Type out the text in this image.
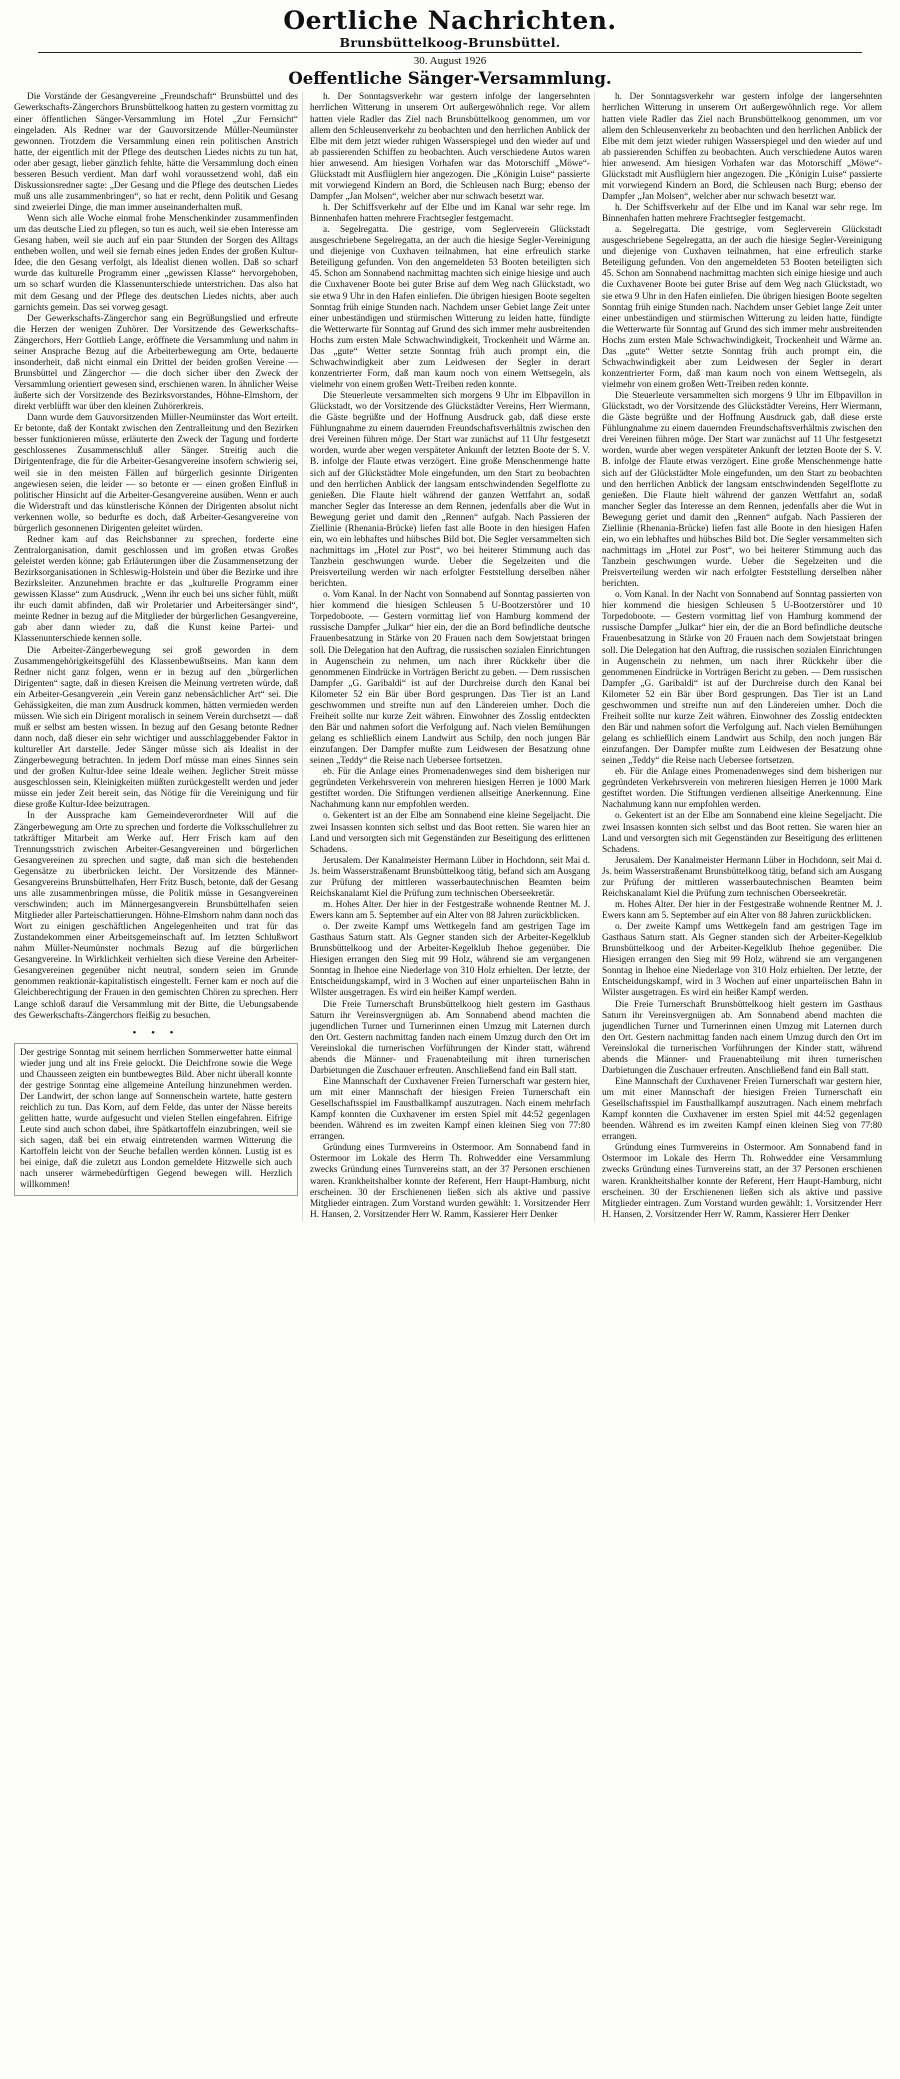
Oertliche Nachrichten.
Brunsbüttelkoog-Brunsbüttel.
30. August 1926
Oeffentliche Sänger-Versammlung.

Die Vorstände der Gesangvereine „Freundschaft“ Brunsbüttel und des Gewerkschafts-Zängerchors Brunsbüttelkoog hatten zu gestern vormittag zu einer öffentlichen Sänger-Versammlung im Hotel „Zur Fernsicht“ eingeladen. Als Redner war der Gauvorsitzende Müller-Neumünster gewonnen. Trotzdem die Versammlung einen rein politischen Anstrich hatte, der eigentlich mit der Pflege des deutschen Liedes nichts zu tun hat, oder aber gesagt, lieber gänzlich fehlte, hätte die Versammlung doch einen besseren Besuch verdient. Man darf wohl voraussetzend wohl, daß ein Diskussionsredner sagte: „Der Gesang und die Pflege des deutschen Liedes muß uns alle zusammenbringen“, so hat er recht, denn Politik und Gesang sind zweierlei Dinge, die man immer auseinanderhalten muß.

Wenn sich alle Woche einmal frohe Menschenkinder zusammenfinden um das deutsche Lied zu pflegen, so tun es auch, weil sie eben Interesse am Gesang haben, weil sie auch auf ein paar Stunden der Sorgen des Alltags entheben wollen, und weil sie fernab eines jeden Endes der großen Kultur-Idee, die den Gesang verfolgt, als Idealist dienen wollen. Daß so scharf wurde das kulturelle Programm einer „gewissen Klasse“ hervorgehoben, um so scharf wurden die Klassenunterschiede unterstrichen. Das also hat mit dem Gesang und der Pflege des deutschen Liedes nichts, aber auch garnichts gemein. Das sei vorweg gesagt.

Der Gewerkschafts-Zängerchor sang ein Begrüßungslied und erfreute die Herzen der wenigen Zuhörer. Der Vorsitzende des Gewerkschafts-Zängerchors, Herr Gottlieb Lange, eröffnete die Versammlung und nahm in seiner Ansprache Bezug auf die Arbeiterbewegung am Orte, bedauerte insonderheit, daß nicht einmal ein Drittel der beiden großen Vereine — Brunsbüttel und Zängerchor — die doch sicher über den Zweck der Versammlung orientiert gewesen sind, erschienen waren. In ähnlicher Weise äußerte sich der Vorsitzende des Bezirksvorstandes, Höhne-Elmshorn, der direkt verblüfft war über den kleinen Zuhörerkreis.

Dann wurde dem Gauvorsitzenden Müller-Neumünster das Wort erteilt. Er betonte, daß der Kontakt zwischen den Zentralleitung und den Bezirken besser funktionieren müsse, erläuterte den Zweck der Tagung und forderte geschlossenes Zusammenschluß aller Sänger. Streitig auch die Dirigentenfrage, die für die Arbeiter-Gesangvereine insofern schwierig sei, weil sie in den meisten Fällen auf bürgerlich gesinnte Dirigenten angewiesen seien, die leider — so betonte er — einen großen Einfluß in politischer Hinsicht auf die Arbeiter-Gesangvereine ausüben. Wenn er auch die Widerstraft und das künstlerische Können der Dirigenten absolut nicht verkennen wolle, so bedurfte es doch, daß Arbeiter-Gesangvereine von bürgerlich gesonnenen Dirigenten geleitet würden.

Redner kam auf das Reichsbanner zu sprechen, forderte eine Zentralorganisation, damit geschlossen und im großen etwas Großes geleistet werden könne; gab Erläuterungen über die Zusammensetzung der Bezirksorganisationen in Schleswig-Holstein und über die Bezirke und ihre Bezirksleiter. Anzunehmen brachte er das „kulturelle Programm einer gewissen Klasse“ zum Ausdruck. „Wenn ihr euch bei uns sicher fühlt, müßt ihr euch damit abfinden, daß wir Proletarier und Arbeitersänger sind“, meinte Redner in bezug auf die Mitglieder der bürgerlichen Gesangvereine, gab aber dann wieder zu, daß die Kunst keine Partei- und Klassenunterschiede kennen solle.

Die Arbeiter-Zängerbewegung sei groß geworden in dem Zusammengehörigkeitsgefühl des Klassenbewußtseins. Man kann dem Redner nicht ganz folgen, wenn er in bezug auf den „bürgerlichen Dirigenten“ sagte, daß in diesen Kreisen die Meinung vertreten würde, daß ein Arbeiter-Gesangverein „ein Verein ganz nebensächlicher Art“ sei. Die Gehässigkeiten, die man zum Ausdruck kommen, hätten vermieden werden müssen. Wie sich ein Dirigent moralisch in seinem Verein durchsetzt — daß muß er selbst am besten wissen. In bezug auf den Gesang betonte Redner dann noch, daß dieser ein sehr wichtiger und ausschlaggebender Faktor in kultureller Art darstelle. Jeder Sänger müsse sich als Idealist in der Zängerbewegung betrachten. In jedem Dorf müsse man eines Sinnes sein und der großen Kultur-Idee seine Ideale weihen. Jeglicher Streit müsse ausgeschlossen sein, Kleinigkeiten müßten zurückgestellt werden und jeder müsse ein jeder Zeit bereit sein, das Nötige für die Vereinigung und für diese große Kultur-Idee beizutragen.

In der Aussprache kam Gemeindeverordneter Will auf die Zängerbewegung am Orte zu sprechen und forderte die Volksschullehrer zu tatkräftiger Mitarbeit am Werke auf. Herr Frisch kam auf den Trennungsstrich zwischen Arbeiter-Gesangvereinen und bürgerlichen Gesangvereinen zu sprechen und sagte, daß man sich die bestehenden Gegensätze zu überbrücken leicht. Der Vorsitzende des Männer-Gesangvereins Brunsbüttelhafen, Herr Fritz Busch, betonte, daß der Gesang uns alle zusammenbringen müsse, die Politik müsse in Gesangvereinen verschwinden; auch im Männergesangverein Brunsbüttelhafen seien Mitglieder aller Parteischattierungen. Höhne-Elmshorn nahm dann noch das Wort zu einigen geschäftlichen Angelegenheiten und trat für das Zustandekommen einer Arbeitsgemeinschaft auf. Im letzten Schlußwort nahm Müller-Neumünster nochmals Bezug auf die bürgerlichen Gesangvereine. In Wirklichkeit verhielten sich diese Vereine den Arbeiter-Gesangvereinen gegenüber nicht neutral, sondern seien im Grunde genommen reaktionär-kapitalistisch eingestellt. Ferner kam er noch auf die Gleichberechtigung der Frauen in den gemischten Chören zu sprechen. Herr Lange schloß darauf die Versammlung mit der Bitte, die Uebungsabende des Gewerkschafts-Zängerchors fleißig zu besuchen.

• • •

Der gestrige Sonntag mit seinem herrlichen Sommerwetter hatte einmal wieder jung und alt ins Freie gelockt. Die Deichfrone sowie die Wege und Chausseen zeigten ein buntbewegtes Bild. Aber nicht überall konnte der gestrige Sonntag eine allgemeine Anteilung hinzunehmen werden. Der Landwirt, der schon lange auf Sonnenschein wartete, hatte gestern reichlich zu tun. Das Korn, auf dem Felde, das unter der Nässe bereits gelitten hatte, wurde aufgesucht und vielen Stellen eingefahren. Eifrige Leute sind auch schon dabei, ihre Spätkartoffeln einzubringen, weil sie sich sagen, daß bei ein etwaig eintretenden warmen Witterung die Kartoffeln leicht von der Seuche befallen werden können. Lustig ist es bei einige, daß die zuletzt aus London gemeldete Hitzwelle sich auch nach unserer wärmebedürftigen Gegend bewegen will. Herzlich willkommen!

h. Der Sonntagsverkehr war gestern infolge der langersehnten herrlichen Witterung in unserem Ort außergewöhnlich rege. Vor allem hatten viele Radler das Ziel nach Brunsbüttelkoog genommen, um vor allem den Schleusenverkehr zu beobachten und den herrlichen Anblick der Elbe mit dem jetzt wieder ruhigen Wasserspiegel und den wieder auf und ab passierenden Schiffen zu beobachten. Auch verschiedene Autos waren hier anwesend. Am hiesigen Vorhafen war das Motorschiff „Möwe“-Glückstadt mit Ausflüglern hier angezogen. Die „Königin Luise“ passierte mit vorwiegend Kindern an Bord, die Schleusen nach Burg; ebenso der Dampfer „Jan Molsen“, welcher aber nur schwach besetzt war.

h. Der Schiffsverkehr auf der Elbe und im Kanal war sehr rege. Im Binnenhafen hatten mehrere Frachtsegler festgemacht.

a. Segelregatta. Die gestrige, vom Seglerverein Glückstadt ausgeschriebene Segelregatta, an der auch die hiesige Segler-Vereinigung und diejenige von Cuxhaven teilnahmen, hat eine erfreulich starke Beteiligung gefunden. Von den angemeldeten 53 Booten beteiligten sich 45. Schon am Sonnabend nachmittag machten sich einige hiesige und auch die Cuxhavener Boote bei guter Brise auf dem Weg nach Glückstadt, wo sie etwa 9 Uhr in den Hafen einliefen. Die übrigen hiesigen Boote segelten Sonntag früh einige Stunden nach. Nachdem unser Gebiet lange Zeit unter einer unbeständigen und stürmischen Witterung zu leiden hatte, fündigte die Wetterwarte für Sonntag auf Grund des sich immer mehr ausbreitenden Hochs zum ersten Male Schwachwindigkeit, Trockenheit und Wärme an. Das „gute“ Wetter setzte Sonntag früh auch prompt ein, die Schwachwindigkeit aber zum Leidwesen der Segler in derart konzentrierter Form, daß man kaum noch von einem Wettsegeln, als vielmehr von einem großen Wett-Treiben reden konnte.

Die Steuerleute versammelten sich morgens 9 Uhr im Elbpavillon in Glückstadt, wo der Vorsitzende des Glückstädter Vereins, Herr Wiermann, die Gäste begrüßte und der Hoffnung Ausdruck gab, daß diese erste Fühlungnahme zu einem dauernden Freundschaftsverhältnis zwischen den drei Vereinen führen möge. Der Start war zunächst auf 11 Uhr festgesetzt worden, wurde aber wegen verspäteter Ankunft der letzten Boote der S. V. B. infolge der Flaute etwas verzögert. Eine große Menschenmenge hatte sich auf der Glückstädter Mole eingefunden, um den Start zu beobachten und den herrlichen Anblick der langsam entschwindenden Segelflotte zu genießen. Die Flaute hielt während der ganzen Wettfahrt an, sodaß mancher Segler das Interesse an dem Rennen, jedenfalls aber die Wut in Bewegung geriet und damit den „Rennen“ aufgab. Nach Passieren der Ziellinie (Rhenania-Brücke) liefen fast alle Boote in den hiesigen Hafen ein, wo ein lebhaftes und hübsches Bild bot. Die Segler versammelten sich nachmittags im „Hotel zur Post“, wo bei heiterer Stimmung auch das Tanzbein geschwungen wurde. Ueber die Segelzeiten und die Preisverteilung werden wir nach erfolgter Feststellung derselben näher berichten.

o. Vom Kanal. In der Nacht von Sonnabend auf Sonntag passierten von hier kommend die hiesigen Schleusen 5 U-Bootzerstörer und 10 Torpedoboote. — Gestern vormittag lief von Hamburg kommend der russische Dampfer „Julkar“ hier ein, der die an Bord befindliche deutsche Frauenbesatzung in Stärke von 20 Frauen nach dem Sowjetstaat bringen soll. Die Delegation hat den Auftrag, die russischen sozialen Einrichtungen in Augenschein zu nehmen, um nach ihrer Rückkehr über die genommenen Eindrücke in Vorträgen Bericht zu geben. — Dem russischen Dampfer „G. Garibaldi“ ist auf der Durchreise durch den Kanal bei Kilometer 52 ein Bär über Bord gesprungen. Das Tier ist an Land geschwommen und streifte nun auf den Ländereien umher. Doch die Freiheit sollte nur kurze Zeit währen. Einwohner des Zosslig entdeckten den Bär und nahmen sofort die Verfolgung auf. Nach vielen Bemühungen gelang es schließlich einem Landwirt aus Schilp, den noch jungen Bär einzufangen. Der Dampfer mußte zum Leidwesen der Besatzung ohne seinen „Teddy“ die Reise nach Uebersee fortsetzen.

eb. Für die Anlage eines Promenadenweges sind dem bisherigen nur gegründeten Verkehrsverein von mehreren hiesigen Herren je 1000 Mark gestiftet worden. Die Stiftungen verdienen allseitige Anerkennung. Eine Nachahmung kann nur empfohlen werden.

o. Gekentert ist an der Elbe am Sonnabend eine kleine Segeljacht. Die zwei Insassen konnten sich selbst und das Boot retten. Sie waren hier an Land und versorgten sich mit Gegenständen zur Beseitigung des erlittenen Schadens.

Jerusalem. Der Kanalmeister Hermann Lüber in Hochdonn, seit Mai d. Js. beim Wasserstraßenamt Brunsbüttelkoog tätig, befand sich am Ausgang zur Prüfung der mittleren wasserbautechnischen Beamten beim Reichskanalamt Kiel die Prüfung zum technischen Oberseekretär.

m. Hohes Alter. Der hier in der Festgestraße wohnende Rentner M. J. Ewers kann am 5. September auf ein Alter von 88 Jahren zurückblicken.

o. Der zweite Kampf ums Wettkegeln fand am gestrigen Tage im Gasthaus Saturn statt. Als Gegner standen sich der Arbeiter-Kegelklub Brunsbüttelkoog und der Arbeiter-Kegelklub Ihehoe gegenüber. Die Hiesigen errangen den Sieg mit 99 Holz, während sie am vergangenen Sonntag in Ihehoe eine Niederlage von 310 Holz erhielten. Der letzte, der Entscheidungskampf, wird in 3 Wochen auf einer unparteiischen Bahn in Wilster ausgetragen. Es wird ein heißer Kampf werden.

Die Freie Turnerschaft Brunsbüttelkoog hielt gestern im Gasthaus Saturn ihr Vereinsvergnügen ab. Am Sonnabend abend machten die jugendlichen Turner und Turnerinnen einen Umzug mit Laternen durch den Ort. Gestern nachmittag fanden nach einem Umzug durch den Ort im Vereinslokal die turnerischen Vorführungen der Kinder statt, während abends die Männer- und Frauenabteilung mit ihren turnerischen Darbietungen die Zuschauer erfreuten. Anschließend fand ein Ball statt.

Eine Mannschaft der Cuxhavener Freien Turnerschaft war gestern hier, um mit einer Mannschaft der hiesigen Freien Turnerschaft ein Gesellschaftsspiel im Faustballkampf auszutragen. Nach einem mehrfach Kampf konnten die Cuxhavener im ersten Spiel mit 44:52 gegenlagen beenden. Während es im zweiten Kampf einen kleinen Sieg von 77:80 errangen.

Gründung eines Turmvereins in Ostermoor. Am Sonnabend fand in Ostermoor im Lokale des Herrn Th. Rohwedder eine Versammlung zwecks Gründung eines Turnvereins statt, an der 37 Personen erschienen waren. Krankheitshalber konnte der Referent, Herr Haupt-Hamburg, nicht erscheinen. 30 der Erschienenen ließen sich als aktive und passive Mitglieder eintragen. Zum Vorstand wurden gewählt: 1. Vorsitzender Herr H. Hansen, 2. Vorsitzender Herr W. Ramm, Kassierer Herr Denker

h. Der Sonntagsverkehr war gestern infolge der langersehnten herrlichen Witterung in unserem Ort außergewöhnlich rege. Vor allem hatten viele Radler das Ziel nach Brunsbüttelkoog genommen, um vor allem den Schleusenverkehr zu beobachten und den herrlichen Anblick der Elbe mit dem jetzt wieder ruhigen Wasserspiegel und den wieder auf und ab passierenden Schiffen zu beobachten. Auch verschiedene Autos waren hier anwesend. Am hiesigen Vorhafen war das Motorschiff „Möwe“-Glückstadt mit Ausflüglern hier angezogen. Die „Königin Luise“ passierte mit vorwiegend Kindern an Bord, die Schleusen nach Burg; ebenso der Dampfer „Jan Molsen“, welcher aber nur schwach besetzt war.

h. Der Schiffsverkehr auf der Elbe und im Kanal war sehr rege. Im Binnenhafen hatten mehrere Frachtsegler festgemacht.

a. Segelregatta. Die gestrige, vom Seglerverein Glückstadt ausgeschriebene Segelregatta, an der auch die hiesige Segler-Vereinigung und diejenige von Cuxhaven teilnahmen, hat eine erfreulich starke Beteiligung gefunden. Von den angemeldeten 53 Booten beteiligten sich 45. Schon am Sonnabend nachmittag machten sich einige hiesige und auch die Cuxhavener Boote bei guter Brise auf dem Weg nach Glückstadt, wo sie etwa 9 Uhr in den Hafen einliefen. Die übrigen hiesigen Boote segelten Sonntag früh einige Stunden nach. Nachdem unser Gebiet lange Zeit unter einer unbeständigen und stürmischen Witterung zu leiden hatte, fündigte die Wetterwarte für Sonntag auf Grund des sich immer mehr ausbreitenden Hochs zum ersten Male Schwachwindigkeit, Trockenheit und Wärme an. Das „gute“ Wetter setzte Sonntag früh auch prompt ein, die Schwachwindigkeit aber zum Leidwesen der Segler in derart konzentrierter Form, daß man kaum noch von einem Wettsegeln, als vielmehr von einem großen Wett-Treiben reden konnte.

Die Steuerleute versammelten sich morgens 9 Uhr im Elbpavillon in Glückstadt, wo der Vorsitzende des Glückstädter Vereins, Herr Wiermann, die Gäste begrüßte und der Hoffnung Ausdruck gab, daß diese erste Fühlungnahme zu einem dauernden Freundschaftsverhältnis zwischen den drei Vereinen führen möge. Der Start war zunächst auf 11 Uhr festgesetzt worden, wurde aber wegen verspäteter Ankunft der letzten Boote der S. V. B. infolge der Flaute etwas verzögert. Eine große Menschenmenge hatte sich auf der Glückstädter Mole eingefunden, um den Start zu beobachten und den herrlichen Anblick der langsam entschwindenden Segelflotte zu genießen. Die Flaute hielt während der ganzen Wettfahrt an, sodaß mancher Segler das Interesse an dem Rennen, jedenfalls aber die Wut in Bewegung geriet und damit den „Rennen“ aufgab. Nach Passieren der Ziellinie (Rhenania-Brücke) liefen fast alle Boote in den hiesigen Hafen ein, wo ein lebhaftes und hübsches Bild bot. Die Segler versammelten sich nachmittags im „Hotel zur Post“, wo bei heiterer Stimmung auch das Tanzbein geschwungen wurde. Ueber die Segelzeiten und die Preisverteilung werden wir nach erfolgter Feststellung derselben näher berichten.

o. Vom Kanal. In der Nacht von Sonnabend auf Sonntag passierten von hier kommend die hiesigen Schleusen 5 U-Bootzerstörer und 10 Torpedoboote. — Gestern vormittag lief von Hamburg kommend der russische Dampfer „Julkar“ hier ein, der die an Bord befindliche deutsche Frauenbesatzung in Stärke von 20 Frauen nach dem Sowjetstaat bringen soll. Die Delegation hat den Auftrag, die russischen sozialen Einrichtungen in Augenschein zu nehmen, um nach ihrer Rückkehr über die genommenen Eindrücke in Vorträgen Bericht zu geben. — Dem russischen Dampfer „G. Garibaldi“ ist auf der Durchreise durch den Kanal bei Kilometer 52 ein Bär über Bord gesprungen. Das Tier ist an Land geschwommen und streifte nun auf den Ländereien umher. Doch die Freiheit sollte nur kurze Zeit währen. Einwohner des Zosslig entdeckten den Bär und nahmen sofort die Verfolgung auf. Nach vielen Bemühungen gelang es schließlich einem Landwirt aus Schilp, den noch jungen Bär einzufangen. Der Dampfer mußte zum Leidwesen der Besatzung ohne seinen „Teddy“ die Reise nach Uebersee fortsetzen.

eb. Für die Anlage eines Promenadenweges sind dem bisherigen nur gegründeten Verkehrsverein von mehreren hiesigen Herren je 1000 Mark gestiftet worden. Die Stiftungen verdienen allseitige Anerkennung. Eine Nachahmung kann nur empfohlen werden.

o. Gekentert ist an der Elbe am Sonnabend eine kleine Segeljacht. Die zwei Insassen konnten sich selbst und das Boot retten. Sie waren hier an Land und versorgten sich mit Gegenständen zur Beseitigung des erlittenen Schadens.

Jerusalem. Der Kanalmeister Hermann Lüber in Hochdonn, seit Mai d. Js. beim Wasserstraßenamt Brunsbüttelkoog tätig, befand sich am Ausgang zur Prüfung der mittleren wasserbautechnischen Beamten beim Reichskanalamt Kiel die Prüfung zum technischen Oberseekretär.

m. Hohes Alter. Der hier in der Festgestraße wohnende Rentner M. J. Ewers kann am 5. September auf ein Alter von 88 Jahren zurückblicken.

o. Der zweite Kampf ums Wettkegeln fand am gestrigen Tage im Gasthaus Saturn statt. Als Gegner standen sich der Arbeiter-Kegelklub Brunsbüttelkoog und der Arbeiter-Kegelklub Ihehoe gegenüber. Die Hiesigen errangen den Sieg mit 99 Holz, während sie am vergangenen Sonntag in Ihehoe eine Niederlage von 310 Holz erhielten. Der letzte, der Entscheidungskampf, wird in 3 Wochen auf einer unparteiischen Bahn in Wilster ausgetragen. Es wird ein heißer Kampf werden.

Die Freie Turnerschaft Brunsbüttelkoog hielt gestern im Gasthaus Saturn ihr Vereinsvergnügen ab. Am Sonnabend abend machten die jugendlichen Turner und Turnerinnen einen Umzug mit Laternen durch den Ort. Gestern nachmittag fanden nach einem Umzug durch den Ort im Vereinslokal die turnerischen Vorführungen der Kinder statt, während abends die Männer- und Frauenabteilung mit ihren turnerischen Darbietungen die Zuschauer erfreuten. Anschließend fand ein Ball statt.

Eine Mannschaft der Cuxhavener Freien Turnerschaft war gestern hier, um mit einer Mannschaft der hiesigen Freien Turnerschaft ein Gesellschaftsspiel im Faustballkampf auszutragen. Nach einem mehrfach Kampf konnten die Cuxhavener im ersten Spiel mit 44:52 gegenlagen beenden. Während es im zweiten Kampf einen kleinen Sieg von 77:80 errangen.

Gründung eines Turmvereins in Ostermoor. Am Sonnabend fand in Ostermoor im Lokale des Herrn Th. Rohwedder eine Versammlung zwecks Gründung eines Turnvereins statt, an der 37 Personen erschienen waren. Krankheitshalber konnte der Referent, Herr Haupt-Hamburg, nicht erscheinen. 30 der Erschienenen ließen sich als aktive und passive Mitglieder eintragen. Zum Vorstand wurden gewählt: 1. Vorsitzender Herr H. Hansen, 2. Vorsitzender Herr W. Ramm, Kassierer Herr Denker
